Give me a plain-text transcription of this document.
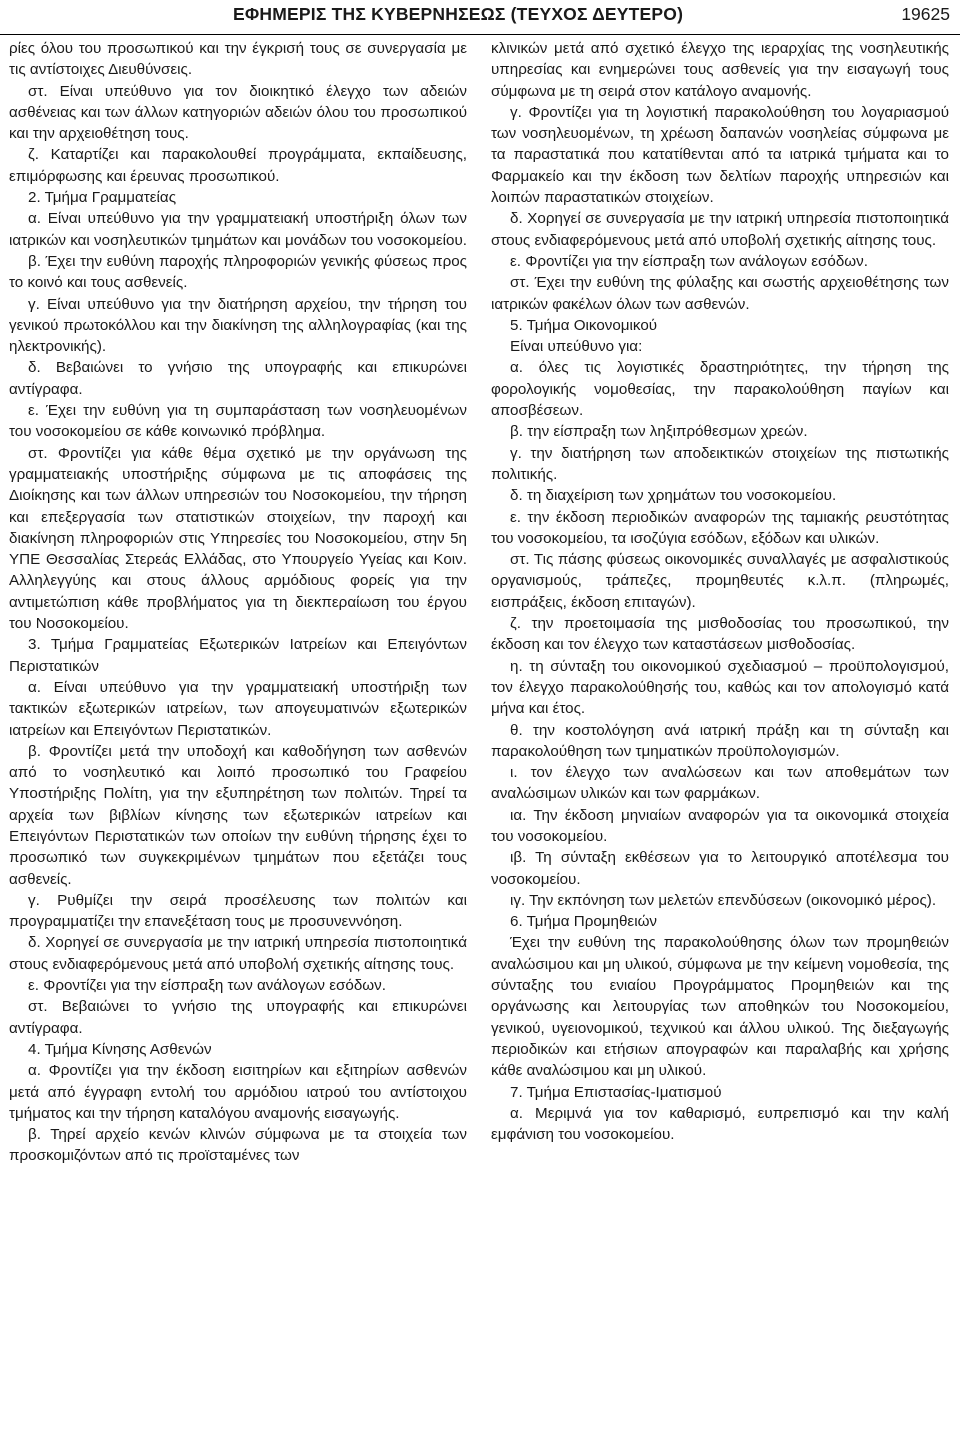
ΕΦΗΜΕΡΙΣ ΤΗΣ ΚΥΒΕΡΝΗΣΕΩΣ (ΤΕΥΧΟΣ ΔΕΥΤΕΡΟ)	19625

ρίες όλου του προσωπικού και την έγκρισή τους σε συνεργασία με τις αντίστοιχες Διευθύνσεις.

στ. Είναι υπεύθυνο για τον διοικητικό έλεγχο των αδειών ασθένειας και των άλλων κατηγοριών αδειών όλου του προσωπικού και την αρχειοθέτηση τους.

ζ. Καταρτίζει και παρακολουθεί προγράμματα, εκπαίδευσης, επιμόρφωσης και έρευνας προσωπικού.

2. Τμήμα Γραμματείας

α. Είναι υπεύθυνο για την γραμματειακή υποστήριξη όλων των ιατρικών και νοσηλευτικών τμημάτων και μονάδων του νοσοκομείου.

β. Έχει την ευθύνη παροχής πληροφοριών γενικής φύσεως προς το κοινό και τους ασθενείς.

γ. Είναι υπεύθυνο για την διατήρηση αρχείου, την τήρηση του γενικού πρωτοκόλλου και την διακίνηση της αλληλογραφίας (και της ηλεκτρονικής).

δ. Βεβαιώνει το γνήσιο της υπογραφής και επικυρώνει αντίγραφα.

ε. Έχει την ευθύνη για τη συμπαράσταση των νοσηλευομένων του νοσοκομείου σε κάθε κοινωνικό πρόβλημα.

στ. Φροντίζει για κάθε θέμα σχετικό με την οργάνωση της γραμματειακής υποστήριξης σύμφωνα με τις αποφάσεις της Διοίκησης και των άλλων υπηρεσιών του Νοσοκομείου, την τήρηση και επεξεργασία των στατιστικών στοιχείων, την παροχή και διακίνηση πληροφοριών στις Υπηρεσίες του Νοσοκομείου, στην 5η ΥΠΕ Θεσσαλίας Στερεάς Ελλάδας, στο Υπουργείο Υγείας και Κοιν. Αλληλεγγύης και στους άλλους αρμόδιους φορείς για την αντιμετώπιση κάθε προβλήματος για τη διεκπεραίωση του έργου του Νοσοκομείου.

3. Τμήμα Γραμματείας Εξωτερικών Ιατρείων και Επειγόντων Περιστατικών

α. Είναι υπεύθυνο για την γραμματειακή υποστήριξη των τακτικών εξωτερικών ιατρείων, των απογευματινών εξωτερικών ιατρείων και Επειγόντων Περιστατικών.

β. Φροντίζει μετά την υποδοχή και καθοδήγηση των ασθενών από το νοσηλευτικό και λοιπό προσωπικό του Γραφείου Υποστήριξης Πολίτη, για την εξυπηρέτηση των πολιτών. Τηρεί τα αρχεία των βιβλίων κίνησης των εξωτερικών ιατρείων και Επειγόντων Περιστατικών των οποίων την ευθύνη τήρησης έχει το προσωπικό των συγκεκριμένων τμημάτων που εξετάζει τους ασθενείς.

γ. Ρυθμίζει την σειρά προσέλευσης των πολιτών και προγραμματίζει την επανεξέταση τους με προσυνεννόηση.

δ. Χορηγεί σε συνεργασία με την ιατρική υπηρεσία πιστοποιητικά στους ενδιαφερόμενους μετά από υποβολή σχετικής αίτησης τους.

ε. Φροντίζει για την είσπραξη των ανάλογων εσόδων.

στ. Βεβαιώνει το γνήσιο της υπογραφής και επικυρώνει αντίγραφα.

4. Τμήμα Κίνησης Ασθενών

α. Φροντίζει για την έκδοση εισιτηρίων και εξιτηρίων ασθενών μετά από έγγραφη εντολή του αρμόδιου ιατρού του αντίστοιχου τμήματος και την τήρηση καταλόγου αναμονής εισαγωγής.

β. Τηρεί αρχείο κενών κλινών σύμφωνα με τα στοιχεία των προσκομιζόντων από τις προϊσταμένες των

κλινικών μετά από σχετικό έλεγχο της ιεραρχίας της νοσηλευτικής υπηρεσίας και ενημερώνει τους ασθενείς για την εισαγωγή τους σύμφωνα με τη σειρά στον κατάλογο αναμονής.

γ. Φροντίζει για τη λογιστική παρακολούθηση του λογαριασμού των νοσηλευομένων, τη χρέωση δαπανών νοσηλείας σύμφωνα με τα παραστατικά που κατατίθενται από τα ιατρικά τμήματα και το Φαρμακείο και την έκδοση των δελτίων παροχής υπηρεσιών και λοιπών παραστατικών στοιχείων.

δ. Χορηγεί σε συνεργασία με την ιατρική υπηρεσία πιστοποιητικά στους ενδιαφερόμενους μετά από υποβολή σχετικής αίτησης τους.

ε. Φροντίζει για την είσπραξη των ανάλογων εσόδων.

στ. Έχει την ευθύνη της φύλαξης και σωστής αρχειοθέτησης των ιατρικών φακέλων όλων των ασθενών.

5. Τμήμα Οικονομικού

Είναι υπεύθυνο για:

α. όλες τις λογιστικές δραστηριότητες, την τήρηση της φορολογικής νομοθεσίας, την παρακολούθηση παγίων και αποσβέσεων.

β. την είσπραξη των ληξιπρόθεσμων χρεών.

γ. την διατήρηση των αποδεικτικών στοιχείων της πιστωτικής πολιτικής.

δ. τη διαχείριση των χρημάτων του νοσοκομείου.

ε. την έκδοση περιοδικών αναφορών της ταμιακής ρευστότητας του νοσοκομείου, τα ισοζύγια εσόδων, εξόδων και υλικών.

στ. Τις πάσης φύσεως οικονομικές συναλλαγές με ασφαλιστικούς οργανισμούς, τράπεζες, προμηθευτές κ.λ.π. (πληρωμές, εισπράξεις, έκδοση επιταγών).

ζ. την προετοιμασία της μισθοδοσίας του προσωπικού, την έκδοση και τον έλεγχο των καταστάσεων μισθοδοσίας.

η. τη σύνταξη του οικονομικού σχεδιασμού – προϋπολογισμού, τον έλεγχο παρακολούθησής του, καθώς και τον απολογισμό κατά μήνα και έτος.

θ. την κοστολόγηση ανά ιατρική πράξη και τη σύνταξη και παρακολούθηση των τμηματικών προϋπολογισμών.

ι. τον έλεγχο των αναλώσεων και των αποθεμάτων των αναλώσιμων υλικών και των φαρμάκων.

ια. Την έκδοση μηνιαίων αναφορών για τα οικονομικά στοιχεία του νοσοκομείου.

ιβ. Τη σύνταξη εκθέσεων για το λειτουργικό αποτέλεσμα του νοσοκομείου.

ιγ. Την εκπόνηση των μελετών επενδύσεων (οικονομικό μέρος).

6. Τμήμα Προμηθειών

Έχει την ευθύνη της παρακολούθησης όλων των προμηθειών αναλώσιμου και μη υλικού, σύμφωνα με την κείμενη νομοθεσία, της σύνταξης του ενιαίου Προγράμματος Προμηθειών και της οργάνωσης και λειτουργίας των αποθηκών του Νοσοκομείου, γενικού, υγειονομικού, τεχνικού και άλλου υλικού. Της διεξαγωγής περιοδικών και ετήσιων απογραφών και παραλαβής και χρήσης κάθε αναλώσιμου και μη υλικού.

7. Τμήμα Επιστασίας-Ιματισμού

α. Μεριμνά για τον καθαρισμό, ευπρεπισμό και την καλή εμφάνιση του νοσοκομείου.
